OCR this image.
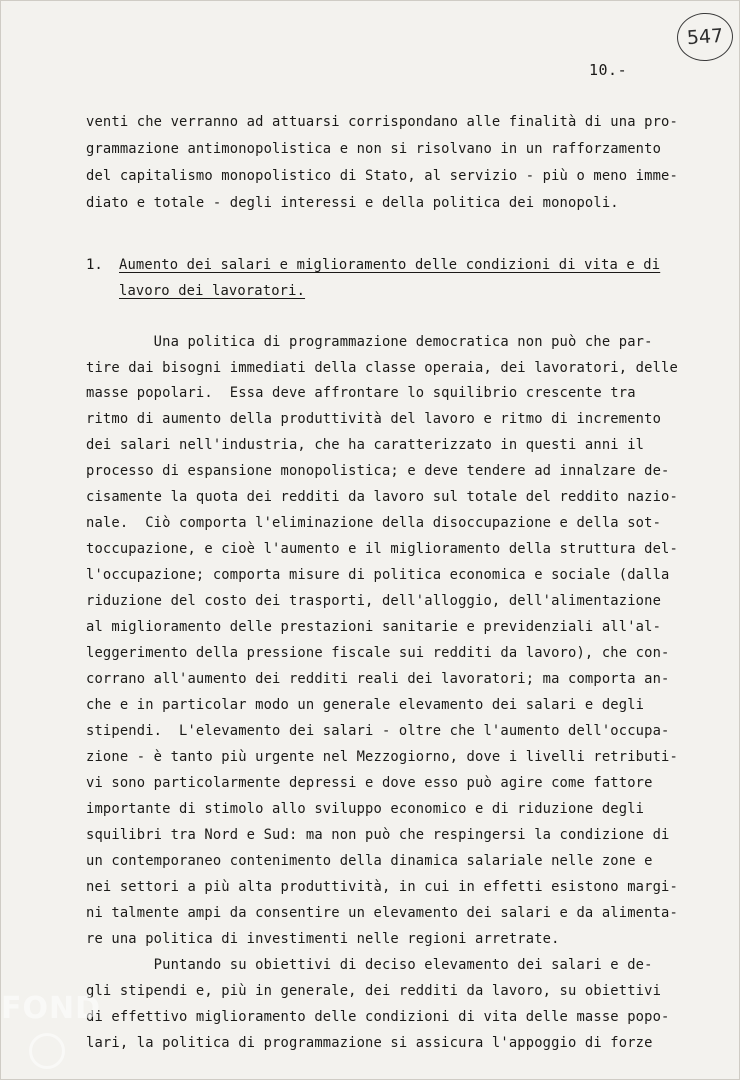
547
10.-
venti che verranno ad attuarsi corrispondano alle finalità di una pro-
grammazione antimonopolistica e non si risolvano in un rafforzamento
del capitalismo monopolistico di Stato, al servizio - più o meno imme-
diato e totale - degli interessi e della politica dei monopoli.
1. Aumento dei salari e miglioramento delle condizioni di vita e di
lavoro dei lavoratori.
Una politica di programmazione democratica non può che par-
tire dai bisogni immediati della classe operaia, dei lavoratori, delle
masse popolari.  Essa deve affrontare lo squilibrio crescente tra
ritmo di aumento della produttività del lavoro e ritmo di incremento
dei salari nell'industria, che ha caratterizzato in questi anni il
processo di espansione monopolistica; e deve tendere ad innalzare de-
cisamente la quota dei redditi da lavoro sul totale del reddito nazio-
nale.  Ciò comporta l'eliminazione della disoccupazione e della sot-
toccupazione, e cioè l'aumento e il miglioramento della struttura del-
l'occupazione; comporta misure di politica economica e sociale (dalla
riduzione del costo dei trasporti, dell'alloggio, dell'alimentazione
al miglioramento delle prestazioni sanitarie e previdenziali all'al-
leggerimento della pressione fiscale sui redditi da lavoro), che con-
corrano all'aumento dei redditi reali dei lavoratori; ma comporta an-
che e in particolar modo un generale elevamento dei salari e degli
stipendi.  L'elevamento dei salari - oltre che l'aumento dell'occupa-
zione - è tanto più urgente nel Mezzogiorno, dove i livelli retributi-
vi sono particolarmente depressi e dove esso può agire come fattore
importante di stimolo allo sviluppo economico e di riduzione degli
squilibri tra Nord e Sud: ma non può che respingersi la condizione di
un contemporaneo contenimento della dinamica salariale nelle zone e
nei settori a più alta produttività, in cui in effetti esistono margi-
ni talmente ampi da consentire un elevamento dei salari e da alimenta-
re una politica di investimenti nelle regioni arretrate.
Puntando su obiettivi di deciso elevamento dei salari e de-
gli stipendi e, più in generale, dei redditi da lavoro, su obiettivi
di effettivo miglioramento delle condizioni di vita delle masse popo-
lari, la politica di programmazione si assicura l'appoggio di forze
FOND
